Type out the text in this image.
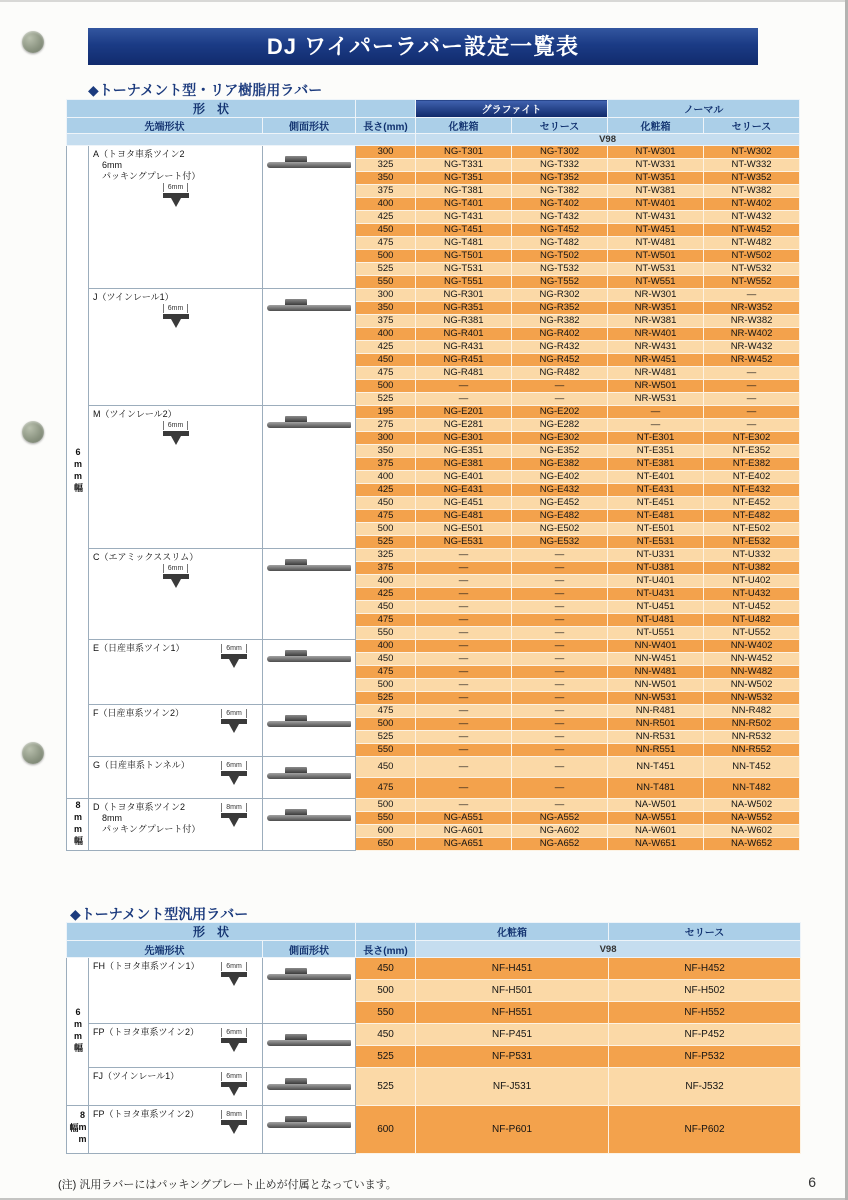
DJ ワイパーラバー設定一覧表
◆トーナメント型・リア樹脂用ラバー
形　状				グラファイト		ノーマル	
先端形状		側面形状	長さ(mm)	化粧箱	セリース	化粧箱	セリース
				V98			
6mm幅	A（トヨタ車系ツイン2
　6mm
　パッキングプレート付）
6mm		300	NG-T301	NG-T302	NT-W301	NT-W302
			325	NG-T331	NG-T332	NT-W331	NT-W332
			350	NG-T351	NG-T352	NT-W351	NT-W352
			375	NG-T381	NG-T382	NT-W381	NT-W382
			400	NG-T401	NG-T402	NT-W401	NT-W402
			425	NG-T431	NG-T432	NT-W431	NT-W432
			450	NG-T451	NG-T452	NT-W451	NT-W452
			475	NG-T481	NG-T482	NT-W481	NT-W482
			500	NG-T501	NG-T502	NT-W501	NT-W502
			525	NG-T531	NG-T532	NT-W531	NT-W532
			550	NG-T551	NG-T552	NT-W551	NT-W552

	J（ツインレール1）
6mm		300	NG-R301	NG-R302	NR-W301	—
			350	NG-R351	NG-R352	NR-W351	NR-W352
			375	NG-R381	NG-R382	NR-W381	NR-W382
			400	NG-R401	NG-R402	NR-W401	NR-W402
			425	NG-R431	NG-R432	NR-W431	NR-W432
			450	NG-R451	NG-R452	NR-W451	NR-W452
			475	NG-R481	NG-R482	NR-W481	—
			500	—	—	NR-W501	—
			525	—	—	NR-W531	—

	M（ツインレール2）
6mm		195	NG-E201	NG-E202	—	—
			275	NG-E281	NG-E282	—	—
			300	NG-E301	NG-E302	NT-E301	NT-E302
			350	NG-E351	NG-E352	NT-E351	NT-E352
			375	NG-E381	NG-E382	NT-E381	NT-E382
			400	NG-E401	NG-E402	NT-E401	NT-E402
			425	NG-E431	NG-E432	NT-E431	NT-E432
			450	NG-E451	NG-E452	NT-E451	NT-E452
			475	NG-E481	NG-E482	NT-E481	NT-E482
			500	NG-E501	NG-E502	NT-E501	NT-E502
			525	NG-E531	NG-E532	NT-E531	NT-E532

	C（エアミックススリム）
6mm		325	—	—	NT-U331	NT-U332
			375	—	—	NT-U381	NT-U382
			400	—	—	NT-U401	NT-U402
			425	—	—	NT-U431	NT-U432
			450	—	—	NT-U451	NT-U452
			475	—	—	NT-U481	NT-U482
			550	—	—	NT-U551	NT-U552

	E（日産車系ツイン1） 6mm		400	—	—	NN-W401	NN-W402
			450	—	—	NN-W451	NN-W452
			475	—	—	NN-W481	NN-W482
			500	—	—	NN-W501	NN-W502
			525	—	—	NN-W531	NN-W532

	F（日産車系ツイン2） 6mm		475	—	—	NN-R481	NN-R482
			500	—	—	NN-R501	NN-R502
			525	—	—	NN-R531	NN-R532
			550	—	—	NN-R551	NN-R552

	G（日産車系トンネル） 6mm		450	—	—	NN-T451	NN-T452
			475	—	—	NN-T481	NN-T482
8mm幅	D（トヨタ車系ツイン2
　8mm
　パッキングプレート付）
8mm		500	—	—	NA-W501	NA-W502
			550	NG-A551	NG-A552	NA-W551	NA-W552
			600	NG-A601	NG-A602	NA-W601	NA-W602
			650	NG-A651	NG-A652	NA-W651	NA-W652
◆トーナメント型汎用ラバー
形　状				化粧箱	セリース
先端形状		側面形状	長さ(mm)	V98	
6mm幅	FH（トヨタ車系ツイン1） 6mm		450	NF-H451	NF-H452
			500	NF-H501	NF-H502
			550	NF-H551	NF-H552

	FP（トヨタ車系ツイン2） 6mm		450	NF-P451	NF-P452
			525	NF-P531	NF-P532

	FJ（ツインレール1） 6mm		525	NF-J531	NF-J532
8mm幅	FP（トヨタ車系ツイン2） 8mm		600	NF-P601	NF-P602
(注) 汎用ラバーにはパッキングプレート止めが付属となっています。	6
